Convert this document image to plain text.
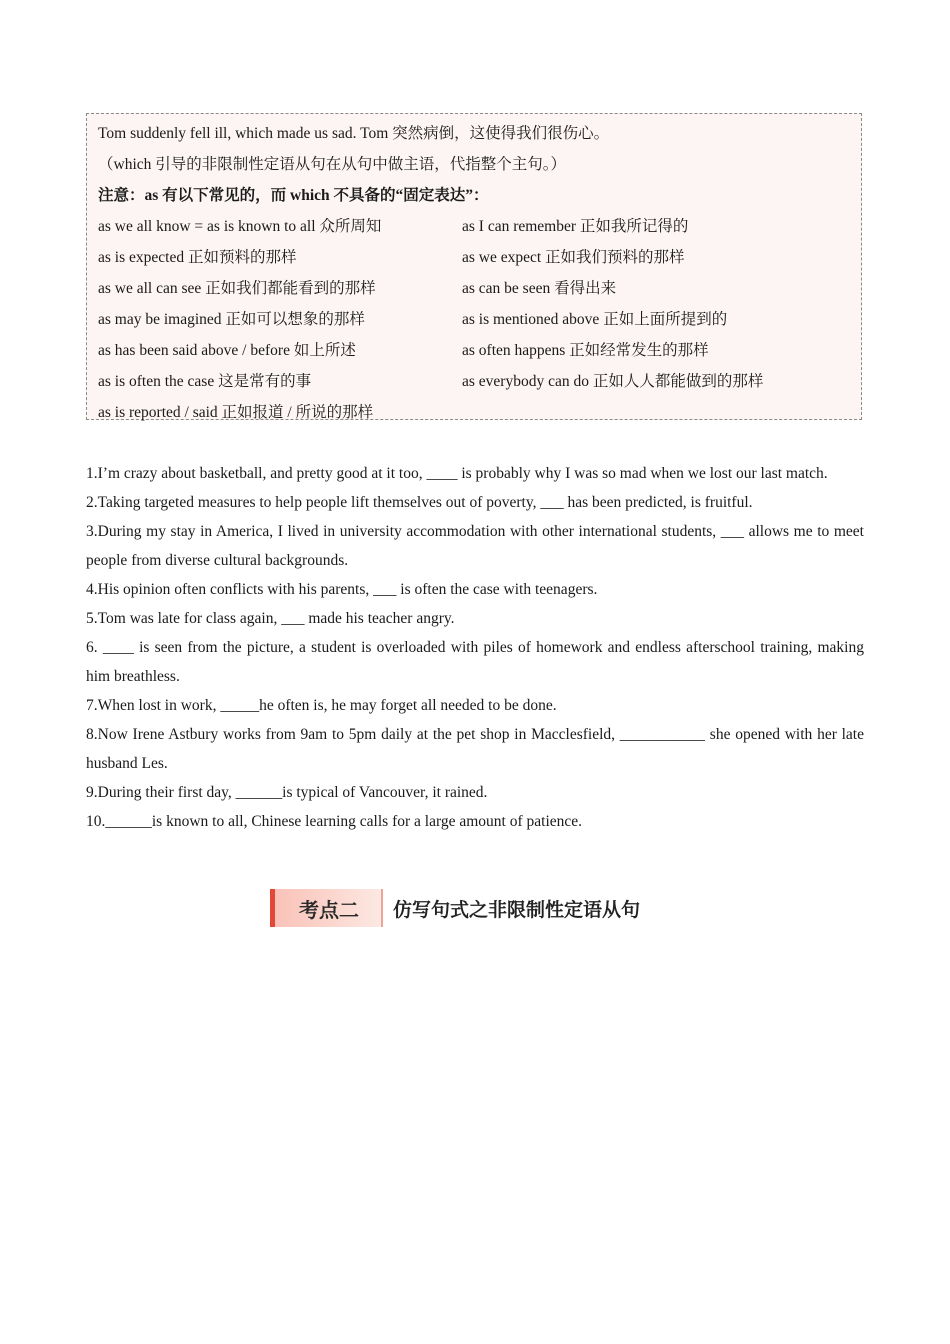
Tom suddenly fell ill, which made us sad. Tom 突然病倒，这使得我们很伤心。
（which 引导的非限制性定语从句在从句中做主语，代指整个主句。）
注意：as 有以下常见的，而 which 不具备的“固定表达”：
as we all know = as is known to all 众所周知	as I can remember 正如我所记得的
as is expected 正如预料的那样	as we expect 正如我们预料的那样
as we all can see 正如我们都能看到的那样	as can be seen 看得出来
as may be imagined 正如可以想象的那样	as is mentioned above 正如上面所提到的
as has been said above / before 如上所述	as often happens 正如经常发生的那样
as is often the case 这是常有的事	as everybody can do 正如人人都能做到的那样
as is reported / said 正如报道 / 所说的那样

1.I’m crazy about basketball, and pretty good at it too, ____ is probably why I was so mad when we lost our last match.

2.Taking targeted measures to help people lift themselves out of poverty, ___ has been predicted, is fruitful.

3.During my stay in America, I lived in university accommodation with other international students, ___ allows me to meet people from diverse cultural backgrounds.

4.His opinion often conflicts with his parents, ___ is often the case with teenagers.

5.Tom was late for class again, ___ made his teacher angry.

6. ____ is seen from the picture, a student is overloaded with piles of homework and endless afterschool training, making him breathless.

7.When lost in work, _____he often is, he may forget all needed to be done.

8.Now Irene Astbury works from 9am to 5pm daily at the pet shop in Macclesfield, ___________ she opened with her late husband Les.

9.During their first day, ______is typical of Vancouver, it rained.

10.______is known to all, Chinese learning calls for a large amount of patience.

考点二	仿写句式之非限制性定语从句
